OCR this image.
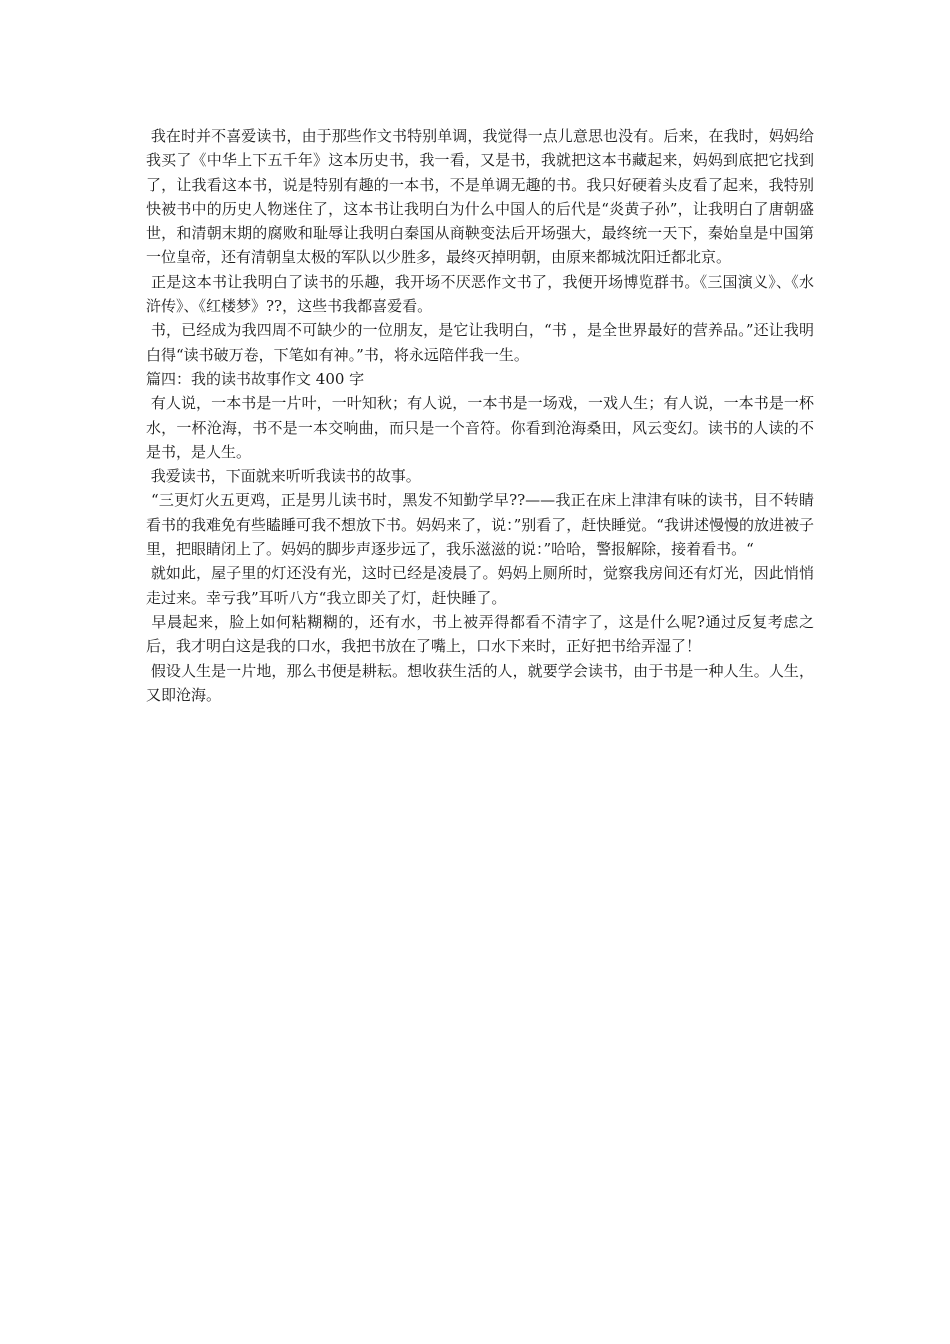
我在时并不喜爱读书，由于那些作文书特别单调，我觉得一点儿意思也没有。后来，在我时，妈妈给我买了《中华上下五千年》这本历史书，我一看，又是书，我就把这本书藏起来，妈妈到底把它找到了，让我看这本书，说是特别有趣的一本书，不是单调无趣的书。我只好硬着头皮看了起来，我特别快被书中的历史人物迷住了，这本书让我明白为什么中国人的后代是“炎黄子孙”，让我明白了唐朝盛世，和清朝末期的腐败和耻辱让我明白秦国从商鞅变法后开场强大，最终统一天下，秦始皇是中国第一位皇帝，还有清朝皇太极的军队以少胜多，最终灭掉明朝，由原来都城沈阳迁都北京。

正是这本书让我明白了读书的乐趣，我开场不厌恶作文书了，我便开场博览群书。《三国演义》、《水浒传》、《红楼梦》??，这些书我都喜爱看。

书，已经成为我四周不可缺少的一位朋友，是它让我明白，“书 ，是全世界最好的营养品。”还让我明白得“读书破万卷，下笔如有神。”书，将永远陪伴我一生。

篇四：我的读书故事作文 400 字

有人说，一本书是一片叶，一叶知秋；有人说，一本书是一场戏，一戏人生；有人说，一本书是一杯水，一杯沧海，书不是一本交响曲，而只是一个音符。你看到沧海桑田，风云变幻。读书的人读的不是书，是人生。

我爱读书，下面就来听听我读书的故事。

“三更灯火五更鸡，正是男儿读书时，黑发不知勤学早??——我正在床上津津有味的读书，目不转睛看书的我难免有些瞌睡可我不想放下书。妈妈来了，说：”别看了，赶快睡觉。“我讲述慢慢的放进被子里，把眼睛闭上了。妈妈的脚步声逐步远了，我乐滋滋的说：”哈哈，警报解除，接着看书。“

就如此，屋子里的灯还没有光，这时已经是凌晨了。妈妈上厕所时，觉察我房间还有灯光，因此悄悄走过来。幸亏我”耳听八方“我立即关了灯，赶快睡了。

早晨起来，脸上如何粘糊糊的，还有水，书上被弄得都看不清字了，这是什么呢?通过反复考虑之后，我才明白这是我的口水，我把书放在了嘴上，口水下来时，正好把书给弄湿了！

假设人生是一片地，那么书便是耕耘。想收获生活的人，就要学会读书，由于书是一种人生。人生，又即沧海。
